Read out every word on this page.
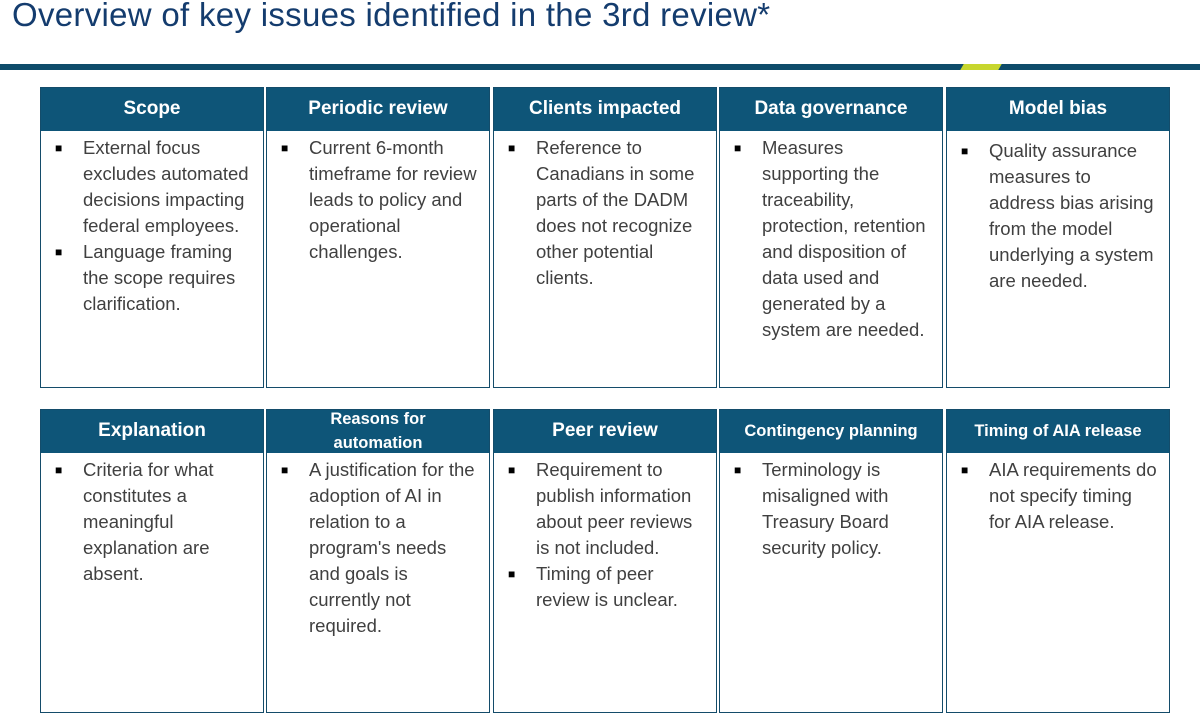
Overview of key issues identified in the 3rd review*
Scope
■	External focus excludes automated decisions impacting federal employees.
■	Language framing the scope requires clarification.
Periodic review
■	Current 6-month timeframe for review leads to policy and operational challenges.
Clients impacted
■	Reference to Canadians in some parts of the DADM does not recognize other potential clients.
Data governance
■	Measures supporting the traceability, protection, retention and disposition of data used and generated by a system are needed.
Model bias
■	Quality assurance measures to address bias arising from the model underlying a system are needed.
Explanation
■	Criteria for what constitutes a meaningful explanation are absent.
Reasons for automation
■	A justification for the adoption of AI in relation to a program's needs and goals is currently not required.
Peer review
■	Requirement to publish information about peer reviews is not included.
■	Timing of peer review is unclear.
Contingency planning
■	Terminology is misaligned with Treasury Board security policy.
Timing of AIA release
■	AIA requirements do not specify timing for AIA release.
